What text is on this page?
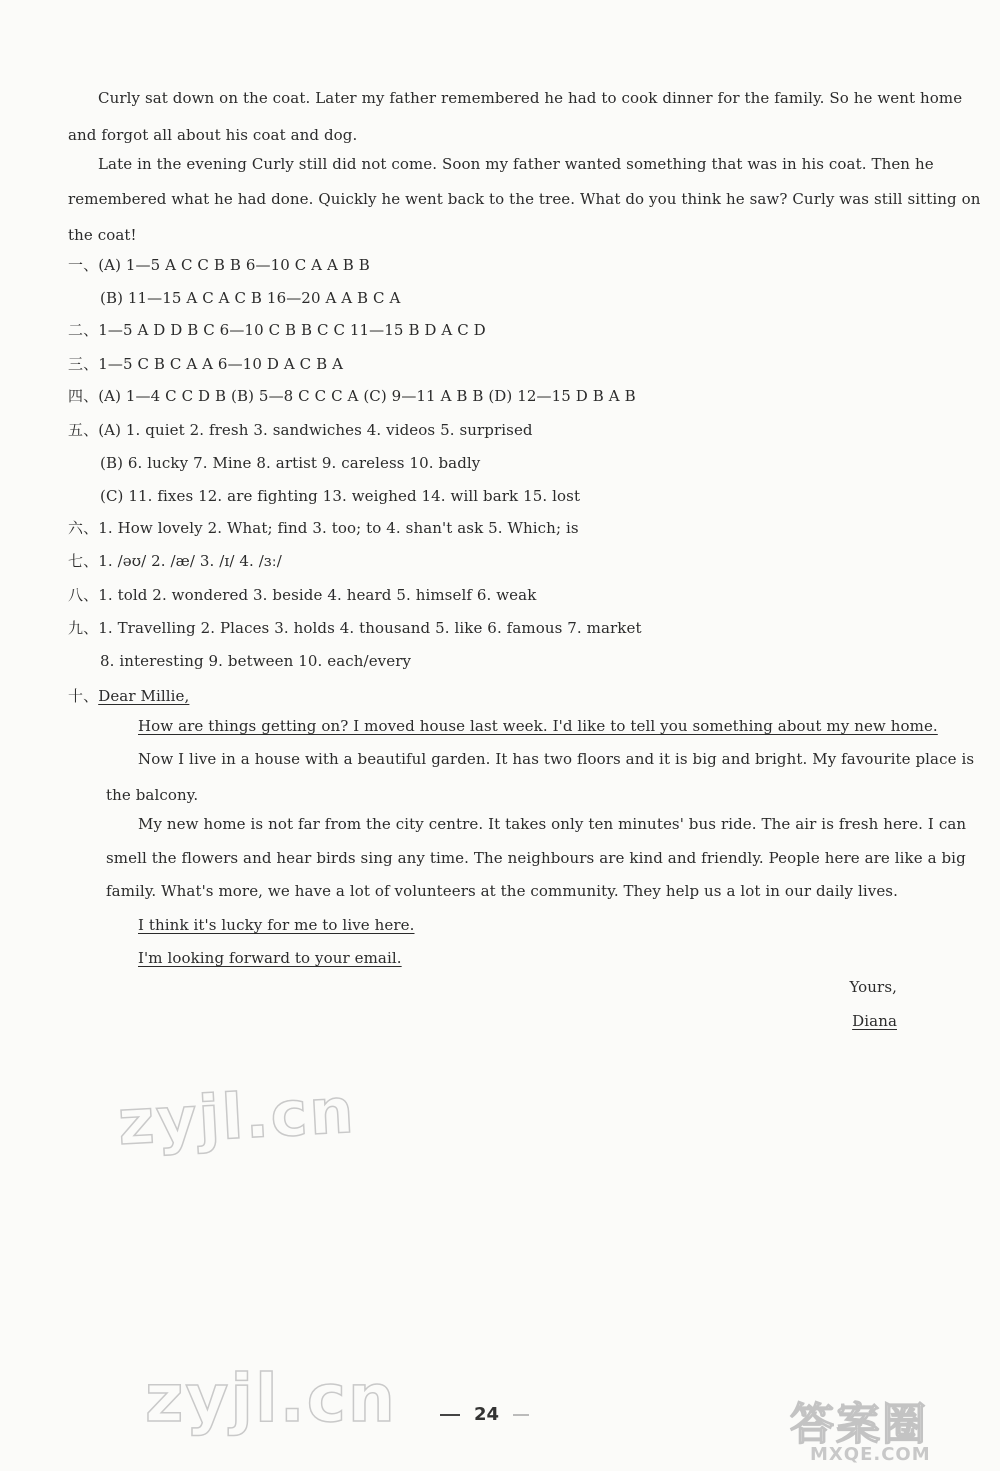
Curly sat down on the coat. Later my father remembered he had to cook dinner for the family. So he went home
and forgot all about his coat and dog.
Late in the evening Curly still did not come. Soon my father wanted something that was in his coat. Then he
remembered what he had done. Quickly he went back to the tree. What do you think he saw? Curly was still sitting on
the coat!
一、(A) 1—5 A C C B B 6—10 C A A B B
(B) 11—15 A C A C B 16—20 A A B C A
二、1—5 A D D B C 6—10 C B B C C 11—15 B D A C D
三、1—5 C B C A A 6—10 D A C B A
四、(A) 1—4 C C D B (B) 5—8 C C C A (C) 9—11 A B B (D) 12—15 D B A B
五、(A) 1. quiet 2. fresh 3. sandwiches 4. videos 5. surprised
(B) 6. lucky 7. Mine 8. artist 9. careless 10. badly
(C) 11. fixes 12. are fighting 13. weighed 14. will bark 15. lost
六、1. How lovely 2. What; find 3. too; to 4. shan't ask 5. Which; is
七、1. /əʊ/ 2. /æ/ 3. /ɪ/ 4. /ɜː/
八、1. told 2. wondered 3. beside 4. heard 5. himself 6. weak
九、1. Travelling 2. Places 3. holds 4. thousand 5. like 6. famous 7. market
8. interesting 9. between 10. each/every
十、Dear Millie,
How are things getting on? I moved house last week. I'd like to tell you something about my new home.
Now I live in a house with a beautiful garden. It has two floors and it is big and bright. My favourite place is
the balcony.
My new home is not far from the city centre. It takes only ten minutes' bus ride. The air is fresh here. I can
smell the flowers and hear birds sing any time. The neighbours are kind and friendly. People here are like a big
family. What's more, we have a lot of volunteers at the community. They help us a lot in our daily lives.
I think it's lucky for me to live here.
I'm looking forward to your email.
Yours,
Diana
zyjl.cn
zyjl.cn	24	答案圈
MXQE.COM
